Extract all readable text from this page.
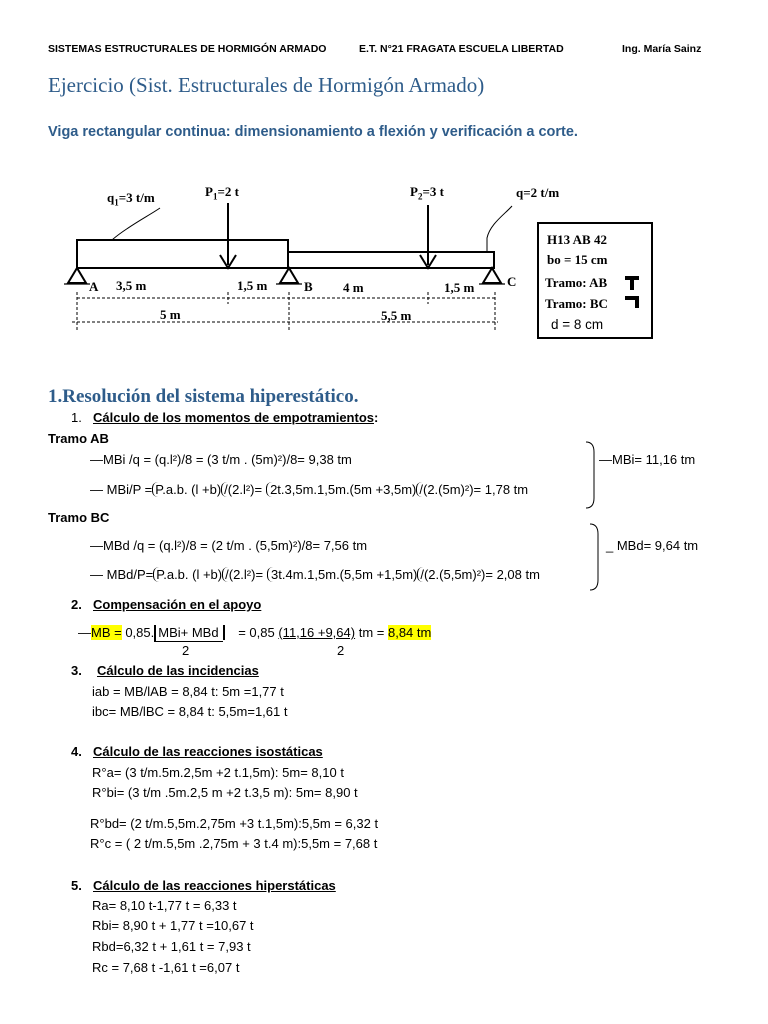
SISTEMAS ESTRUCTURALES DE HORMIGÓN ARMADO	E.T. N°21 FRAGATA ESCUELA LIBERTAD	Ing. María Sainz
Ejercicio (Sist. Estructurales de Hormigón Armado)
Viga rectangular continua: dimensionamiento a flexión y verificación a corte.
$q_1=3$ t/m	$P_1=2$ t	$P_2=3$ t	q=2 t/m
A	B	C
3,5 m	1,5 m	4 m	1,5 m
5 m	5,5 m
H13 AB 42
bo = 15 cm
Tramo: AB
Tramo: BC
d = 8 cm
1.Resolución del sistema hiperestático.
1. Cálculo de los momentos de empotramientos:
Tramo AB
—MBi /q = (q.l²)/8 = (3 t/m . (5m)²)/8= 9,38 tm
— MBi/P = P.a.b. (l +b) /(2.l²)= 2t.3,5m.1,5m.(5m +3,5m) /(2.(5m)²)= 1,78 tm
—MBi= 11,16 tm
Tramo BC
—MBd /q = (q.l²)/8 = (2 t/m . (5,5m)²)/8= 7,56 tm
— MBd/P= P.a.b. (l +b) /(2.l²)= 3t.4m.1,5m.(5,5m +1,5m) /(2.(5,5m)²)= 2,08 tm
_ MBd= 9,64 tm
2. Compensación en el apoyo
—MB = 0,85. MBi+ MBd = 0,85 (11,16 +9,64) tm = 8,84 tm
2	2
3. Cálculo de las incidencias
iab = MB/lAB = 8,84 t: 5m =1,77 t
ibc= MB/lBC = 8,84 t: 5,5m=1,61 t
4. Cálculo de las reacciones isostáticas
R°a= (3 t/m.5m.2,5m +2 t.1,5m): 5m= 8,10 t
R°bi= (3 t/m .5m.2,5 m +2 t.3,5 m): 5m= 8,90 t
R°bd= (2 t/m.5,5m.2,75m +3 t.1,5m):5,5m = 6,32 t
R°c = ( 2 t/m.5,5m .2,75m + 3 t.4 m):5,5m = 7,68 t
5. Cálculo de las reacciones hiperstáticas
Ra= 8,10 t-1,77 t = 6,33 t
Rbi= 8,90 t + 1,77 t =10,67 t
Rbd=6,32 t + 1,61 t = 7,93 t
Rc = 7,68 t -1,61 t =6,07 t
